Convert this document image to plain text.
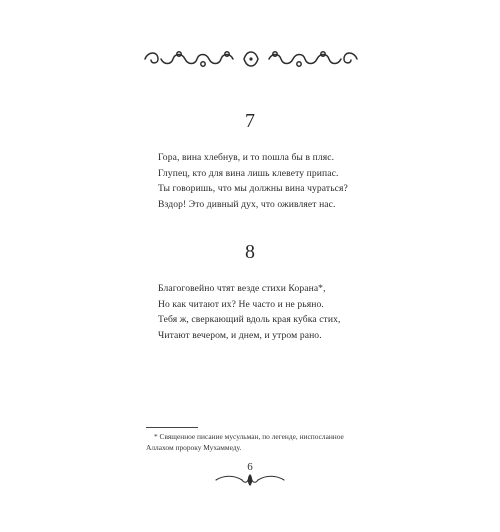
7
Гора, вина хлебнув, и то пошла бы в пляс.
Глупец, кто для вина лишь клевету припас.
Ты говоришь, что мы должны вина чураться?
Вздор! Это дивный дух, что оживляет нас.
8
Благоговейно чтят везде стихи Корана*,
Но как читают их? Не часто и не рьяно.
Тебя ж, сверкающий вдоль края кубка стих,
Читают вечером, и днем, и утром рано.
* Священное писание мусульман, по легенде, ниспосланное
Аллахом пророку Мухаммеду.
6
